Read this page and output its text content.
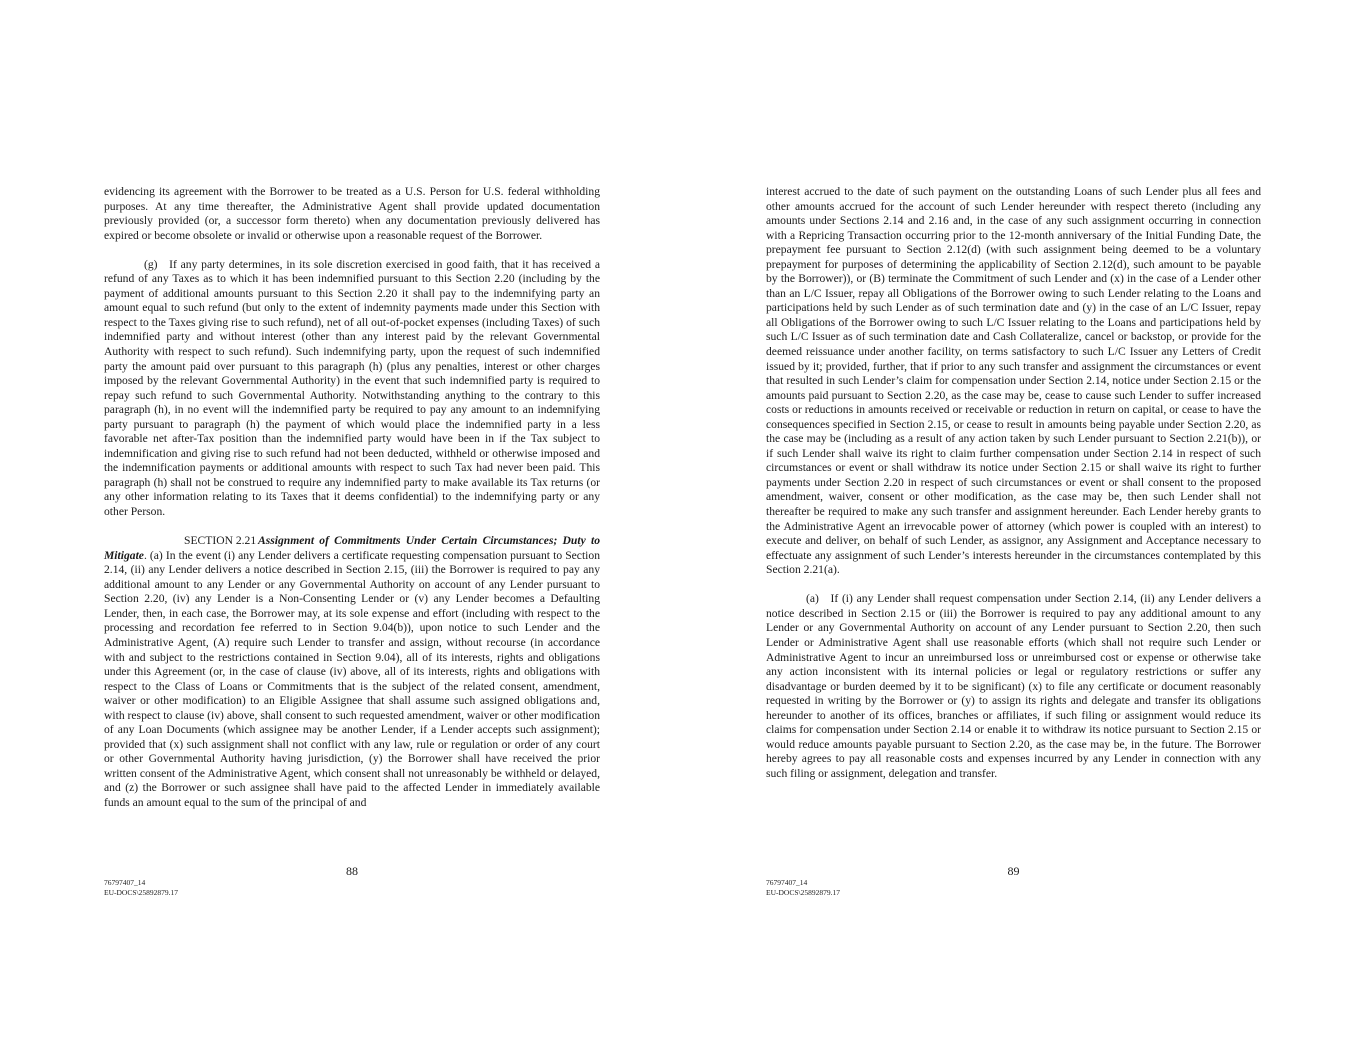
evidencing its agreement with the Borrower to be treated as a U.S. Person for U.S. federal withholding purposes. At any time thereafter, the Administrative Agent shall provide updated documentation previously provided (or, a successor form thereto) when any documentation previously delivered has expired or become obsolete or invalid or otherwise upon a reasonable request of the Borrower.

(g) If any party determines, in its sole discretion exercised in good faith, that it has received a refund of any Taxes as to which it has been indemnified pursuant to this Section 2.20 (including by the payment of additional amounts pursuant to this Section 2.20 it shall pay to the indemnifying party an amount equal to such refund (but only to the extent of indemnity payments made under this Section with respect to the Taxes giving rise to such refund), net of all out-of-pocket expenses (including Taxes) of such indemnified party and without interest (other than any interest paid by the relevant Governmental Authority with respect to such refund). Such indemnifying party, upon the request of such indemnified party the amount paid over pursuant to this paragraph (h) (plus any penalties, interest or other charges imposed by the relevant Governmental Authority) in the event that such indemnified party is required to repay such refund to such Governmental Authority. Notwithstanding anything to the contrary to this paragraph (h), in no event will the indemnified party be required to pay any amount to an indemnifying party pursuant to paragraph (h) the payment of which would place the indemnified party in a less favorable net after-Tax position than the indemnified party would have been in if the Tax subject to indemnification and giving rise to such refund had not been deducted, withheld or otherwise imposed and the indemnification payments or additional amounts with respect to such Tax had never been paid. This paragraph (h) shall not be construed to require any indemnified party to make available its Tax returns (or any other information relating to its Taxes that it deems confidential) to the indemnifying party or any other Person.

SECTION 2.21 Assignment of Commitments Under Certain Circumstances; Duty to Mitigate. (a) In the event (i) any Lender delivers a certificate requesting compensation pursuant to Section 2.14, (ii) any Lender delivers a notice described in Section 2.15, (iii) the Borrower is required to pay any additional amount to any Lender or any Governmental Authority on account of any Lender pursuant to Section 2.20, (iv) any Lender is a Non-Consenting Lender or (v) any Lender becomes a Defaulting Lender, then, in each case, the Borrower may, at its sole expense and effort (including with respect to the processing and recordation fee referred to in Section 9.04(b)), upon notice to such Lender and the Administrative Agent, (A) require such Lender to transfer and assign, without recourse (in accordance with and subject to the restrictions contained in Section 9.04), all of its interests, rights and obligations under this Agreement (or, in the case of clause (iv) above, all of its interests, rights and obligations with respect to the Class of Loans or Commitments that is the subject of the related consent, amendment, waiver or other modification) to an Eligible Assignee that shall assume such assigned obligations and, with respect to clause (iv) above, shall consent to such requested amendment, waiver or other modification of any Loan Documents (which assignee may be another Lender, if a Lender accepts such assignment); provided that (x) such assignment shall not conflict with any law, rule or regulation or order of any court or other Governmental Authority having jurisdiction, (y) the Borrower shall have received the prior written consent of the Administrative Agent, which consent shall not unreasonably be withheld or delayed, and (z) the Borrower or such assignee shall have paid to the affected Lender in immediately available funds an amount equal to the sum of the principal of and

88
76797407_14
EU-DOCS\25892879.17

interest accrued to the date of such payment on the outstanding Loans of such Lender plus all fees and other amounts accrued for the account of such Lender hereunder with respect thereto (including any amounts under Sections 2.14 and 2.16 and, in the case of any such assignment occurring in connection with a Repricing Transaction occurring prior to the 12-month anniversary of the Initial Funding Date, the prepayment fee pursuant to Section 2.12(d) (with such assignment being deemed to be a voluntary prepayment for purposes of determining the applicability of Section 2.12(d), such amount to be payable by the Borrower)), or (B) terminate the Commitment of such Lender and (x) in the case of a Lender other than an L/C Issuer, repay all Obligations of the Borrower owing to such Lender relating to the Loans and participations held by such Lender as of such termination date and (y) in the case of an L/C Issuer, repay all Obligations of the Borrower owing to such L/C Issuer relating to the Loans and participations held by such L/C Issuer as of such termination date and Cash Collateralize, cancel or backstop, or provide for the deemed reissuance under another facility, on terms satisfactory to such L/C Issuer any Letters of Credit issued by it; provided, further, that if prior to any such transfer and assignment the circumstances or event that resulted in such Lender’s claim for compensation under Section 2.14, notice under Section 2.15 or the amounts paid pursuant to Section 2.20, as the case may be, cease to cause such Lender to suffer increased costs or reductions in amounts received or receivable or reduction in return on capital, or cease to have the consequences specified in Section 2.15, or cease to result in amounts being payable under Section 2.20, as the case may be (including as a result of any action taken by such Lender pursuant to Section 2.21(b)), or if such Lender shall waive its right to claim further compensation under Section 2.14 in respect of such circumstances or event or shall withdraw its notice under Section 2.15 or shall waive its right to further payments under Section 2.20 in respect of such circumstances or event or shall consent to the proposed amendment, waiver, consent or other modification, as the case may be, then such Lender shall not thereafter be required to make any such transfer and assignment hereunder. Each Lender hereby grants to the Administrative Agent an irrevocable power of attorney (which power is coupled with an interest) to execute and deliver, on behalf of such Lender, as assignor, any Assignment and Acceptance necessary to effectuate any assignment of such Lender’s interests hereunder in the circumstances contemplated by this Section 2.21(a).

(a) If (i) any Lender shall request compensation under Section 2.14, (ii) any Lender delivers a notice described in Section 2.15 or (iii) the Borrower is required to pay any additional amount to any Lender or any Governmental Authority on account of any Lender pursuant to Section 2.20, then such Lender or Administrative Agent shall use reasonable efforts (which shall not require such Lender or Administrative Agent to incur an unreimbursed loss or unreimbursed cost or expense or otherwise take any action inconsistent with its internal policies or legal or regulatory restrictions or suffer any disadvantage or burden deemed by it to be significant) (x) to file any certificate or document reasonably requested in writing by the Borrower or (y) to assign its rights and delegate and transfer its obligations hereunder to another of its offices, branches or affiliates, if such filing or assignment would reduce its claims for compensation under Section 2.14 or enable it to withdraw its notice pursuant to Section 2.15 or would reduce amounts payable pursuant to Section 2.20, as the case may be, in the future. The Borrower hereby agrees to pay all reasonable costs and expenses incurred by any Lender in connection with any such filing or assignment, delegation and transfer.

89
76797407_14
EU-DOCS\25892879.17
